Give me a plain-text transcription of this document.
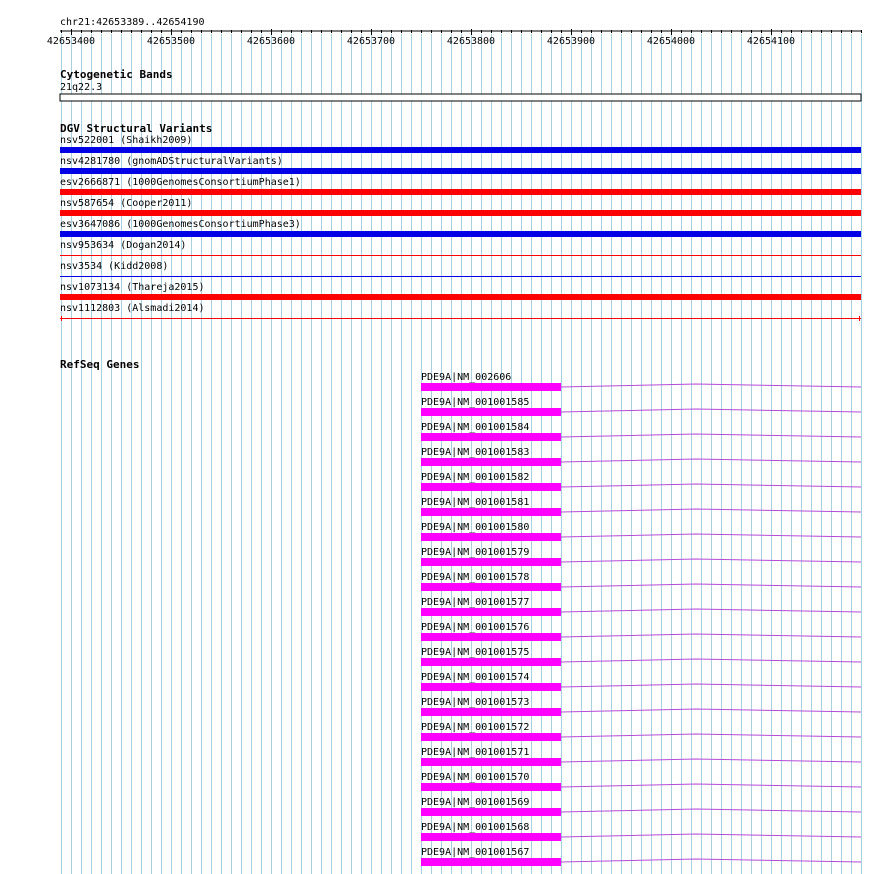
chr21:42653389..42654190
42653400	42653500	42653600	42653700	42653800	42653900	42654000	42654100
Cytogenetic Bands
21q22.3
DGV Structural Variants
nsv522001 (Shaikh2009)
nsv4281780 (gnomADStructuralVariants)
esv2666871 (1000GenomesConsortiumPhase1)
nsv587654 (Cooper2011)
esv3647086 (1000GenomesConsortiumPhase3)
nsv953634 (Dogan2014)
nsv3534 (Kidd2008)
nsv1073134 (Thareja2015)
nsv1112803 (Alsmadi2014)
RefSeq Genes
PDE9A|NM_002606
PDE9A|NM_001001585
PDE9A|NM_001001584
PDE9A|NM_001001583
PDE9A|NM_001001582
PDE9A|NM_001001581
PDE9A|NM_001001580
PDE9A|NM_001001579
PDE9A|NM_001001578
PDE9A|NM_001001577
PDE9A|NM_001001576
PDE9A|NM_001001575
PDE9A|NM_001001574
PDE9A|NM_001001573
PDE9A|NM_001001572
PDE9A|NM_001001571
PDE9A|NM_001001570
PDE9A|NM_001001569
PDE9A|NM_001001568
PDE9A|NM_001001567
